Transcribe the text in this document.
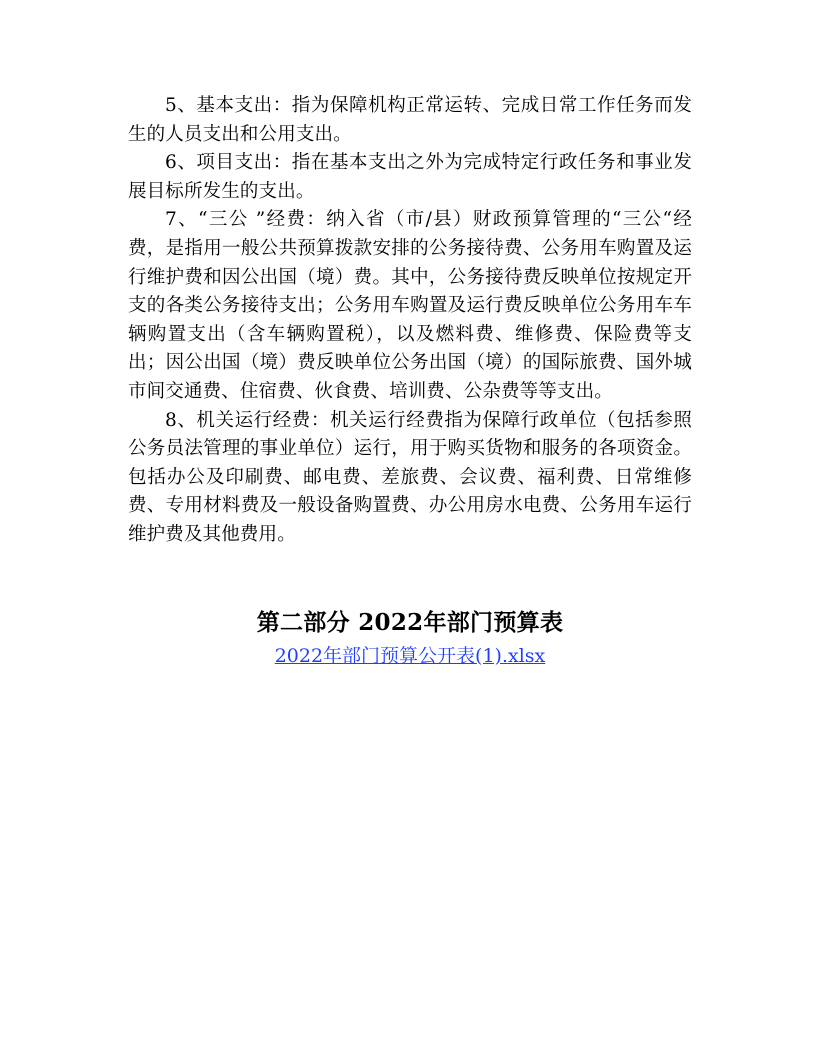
5、基本支出：指为保障机构正常运转、完成日常工作任务而发生的人员支出和公用支出。

6、项目支出：指在基本支出之外为完成特定行政任务和事业发展目标所发生的支出。

7、“三公 ”经费：纳入省（市/县）财政预算管理的“三公“经费，是指用一般公共预算拨款安排的公务接待费、公务用车购置及运行维护费和因公出国（境）费。其中，公务接待费反映单位按规定开支的各类公务接待支出；公务用车购置及运行费反映单位公务用车车辆购置支出（含车辆购置税），以及燃料费、维修费、保险费等支出；因公出国（境）费反映单位公务出国（境）的国际旅费、国外城市间交通费、住宿费、伙食费、培训费、公杂费等等支出。

8、机关运行经费：机关运行经费指为保障行政单位（包括参照公务员法管理的事业单位）运行，用于购买货物和服务的各项资金。包括办公及印刷费、邮电费、差旅费、会议费、福利费、日常维修费、专用材料费及一般设备购置费、办公用房水电费、公务用车运行维护费及其他费用。

第二部分 2022年部门预算表
2022年部门预算公开表(1).xlsx
